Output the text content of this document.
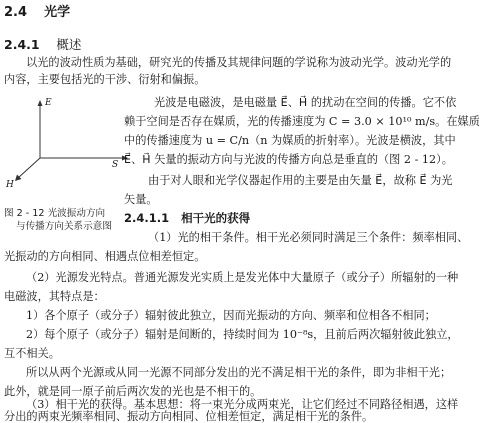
2.4 光学
2.4.1 概述
以光的波动性质为基础，研究光的传播及其规律问题的学说称为波动光学。波动光学的
内容，主要包括光的干涉、衍射和偏振。
E
S
H
图 2 - 12 光波振动方向
与传播方向关系示意图
光波是电磁波，是电磁量 E⃗、H⃗ 的扰动在空间的传播。它不依
赖于空间是否存在媒质，光的传播速度为 C = 3.0 × 10¹⁰ m/s。在媒质
中的传播速度为 u = C/n（n 为媒质的折射率）。光波是横波，其中
E⃗、H⃗ 矢量的振动方向与光波的传播方向总是垂直的（图 2 - 12）。
由于对人眼和光学仪器起作用的主要是由矢量 E⃗，故称 E⃗ 为光
矢量。
2.4.1.1 相干光的获得
（1）光的相干条件。相干光必须同时满足三个条件：频率相同、
光振动的方向相同、相遇点位相差恒定。
（2）光源发光特点。普通光源发光实质上是发光体中大量原子（或分子）所辐射的一种
电磁波，其特点是：
1）各个原子（或分子）辐射彼此独立，因而光振动的方向、频率和位相各不相同；
2）每个原子（或分子）辐射是间断的，持续时间为 10⁻⁸s，且前后两次辐射彼此独立，
互不相关。
所以从两个光源或从同一光源不同部分发出的光不满足相干光的条件，即为非相干光；
此外，就是同一原子前后两次发的光也是不相干的。
（3）相干光的获得。基本思想：将一束光分成两束光，让它们经过不同路径相遇，这样
分出的两束光频率相同、振动方向相同、位相差恒定，满足相干光的条件。
